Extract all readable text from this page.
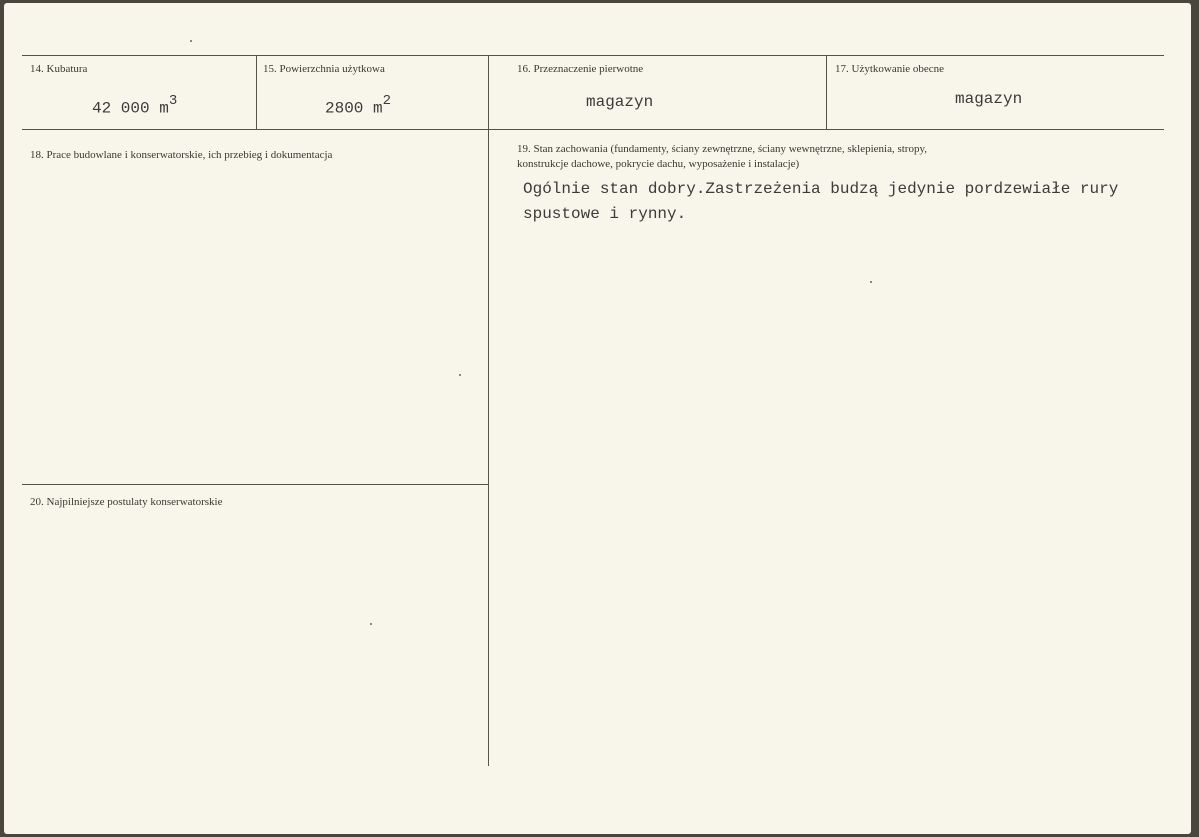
14. Kubatura
42 000 $m^3$
15. Powierzchnia użytkowa
2800 $m^2$
16. Przeznaczenie pierwotne
magazyn
17. Użytkowanie obecne
magazyn
18. Prace budowlane i konserwatorskie, ich przebieg i dokumentacja	19. Stan zachowania (fundamenty, ściany zewnętrzne, ściany wewnętrzne, sklepienia, stropy,
konstrukcje dachowe, pokrycie dachu, wyposażenie i instalacje)
Ogólnie stan dobry.Zastrzeżenia budzą jedynie pordzewiałe rury
spustowe i rynny.
20. Najpilniejsze postulaty konserwatorskie
